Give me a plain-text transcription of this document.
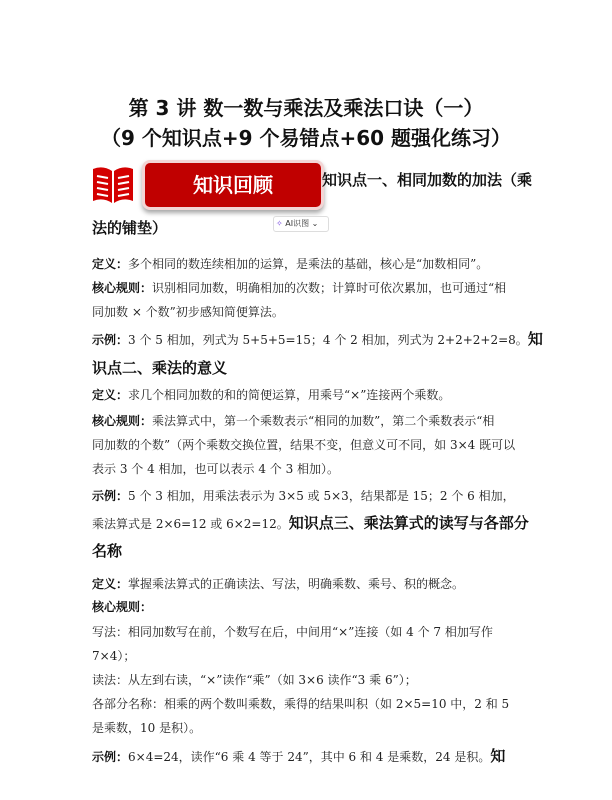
第 3 讲 数一数与乘法及乘法口诀（一）
（9 个知识点+9 个易错点+60 题强化练习）
知识回顾
✧ AI识图 ⌄
知识点一、相同加数的加法（乘
法的铺垫）
定义：多个相同的数连续相加的运算，是乘法的基础，核心是“加数相同”。
核心规则：识别相同加数，明确相加的次数；计算时可依次累加，也可通过“相
同加数 × 个数”初步感知简便算法。
示例：3 个 5 相加，列式为 5+5+5=15；4 个 2 相加，列式为 2+2+2+2=8。知
识点二、乘法的意义
定义：求几个相同加数的和的简便运算，用乘号“×”连接两个乘数。
核心规则：乘法算式中，第一个乘数表示“相同的加数”，第二个乘数表示“相
同加数的个数”（两个乘数交换位置，结果不变，但意义可不同，如 3×4 既可以
表示 3 个 4 相加，也可以表示 4 个 3 相加）。
示例：5 个 3 相加，用乘法表示为 3×5 或 5×3，结果都是 15；2 个 6 相加，
乘法算式是 2×6=12 或 6×2=12。知识点三、乘法算式的读写与各部分
名称
定义：掌握乘法算式的正确读法、写法，明确乘数、乘号、积的概念。
核心规则：
写法：相同加数写在前，个数写在后，中间用“×”连接（如 4 个 7 相加写作
7×4）；
读法：从左到右读，“×”读作“乘”（如 3×6 读作“3 乘 6”）；
各部分名称：相乘的两个数叫乘数，乘得的结果叫积（如 2×5=10 中，2 和 5
是乘数，10 是积）。
示例：6×4=24，读作“6 乘 4 等于 24”，其中 6 和 4 是乘数，24 是积。知
